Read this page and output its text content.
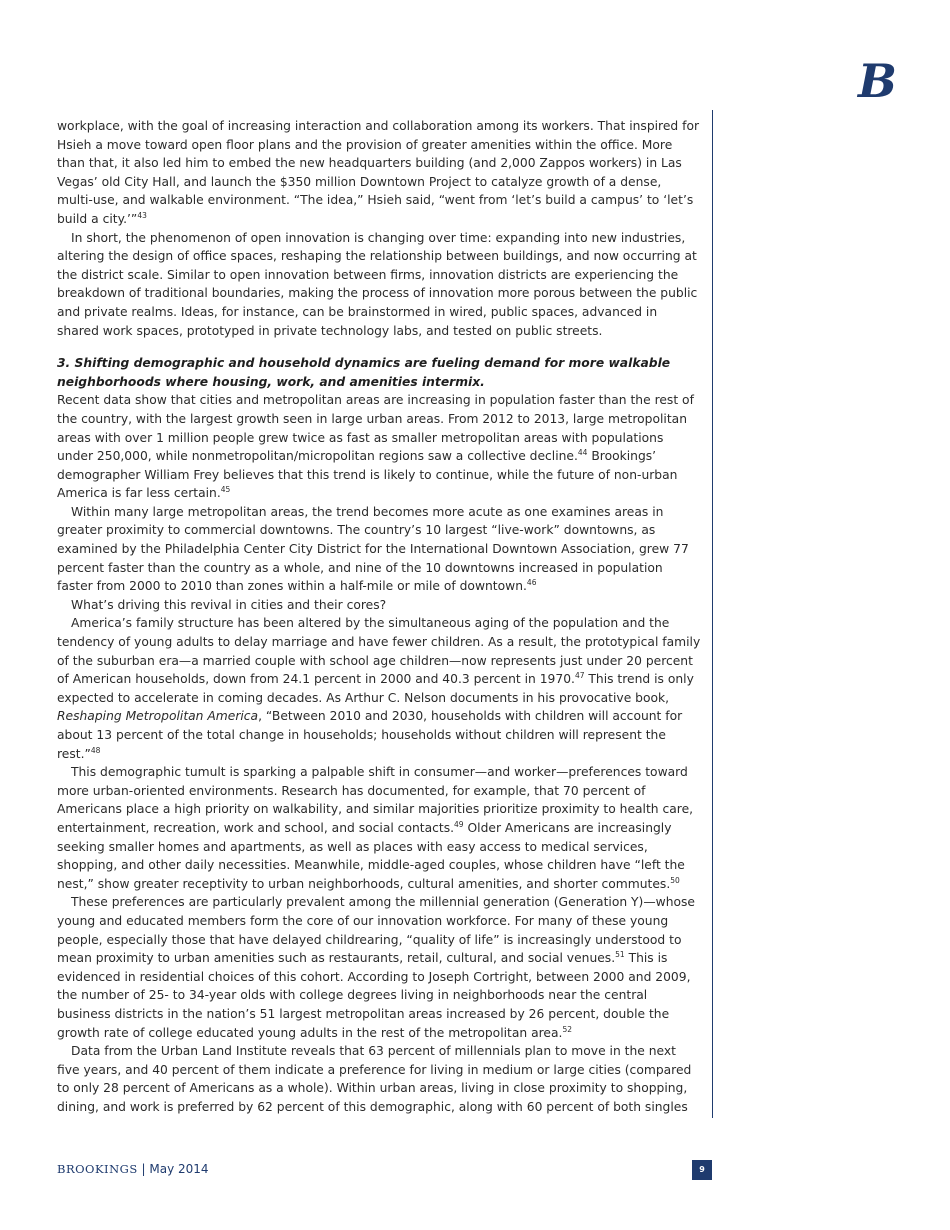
B

workplace, with the goal of increasing interaction and collaboration among its workers. That inspired for Hsieh a move toward open floor plans and the provision of greater amenities within the office. More than that, it also led him to embed the new headquarters building (and 2,000 Zappos workers) in Las Vegas’ old City Hall, and launch the $350 million Downtown Project to catalyze growth of a dense, multi-use, and walkable environment. “The idea,” Hsieh said, “went from ‘let’s build a campus’ to ‘let’s build a city.’”$^{43}$

In short, the phenomenon of open innovation is changing over time: expanding into new industries, altering the design of office spaces, reshaping the relationship between buildings, and now occurring at the district scale. Similar to open innovation between firms, innovation districts are experiencing the breakdown of traditional boundaries, making the process of innovation more porous between the public and private realms. Ideas, for instance, can be brainstormed in wired, public spaces, advanced in shared work spaces, prototyped in private technology labs, and tested on public streets.

3. Shifting demographic and household dynamics are fueling demand for more walkable neighborhoods where housing, work, and amenities intermix.

Recent data show that cities and metropolitan areas are increasing in population faster than the rest of the country, with the largest growth seen in large urban areas. From 2012 to 2013, large metropolitan areas with over 1 million people grew twice as fast as smaller metropolitan areas with populations under 250,000, while nonmetropolitan/micropolitan regions saw a collective decline.$^{44}$ Brookings’ demographer William Frey believes that this trend is likely to continue, while the future of non-urban America is far less certain.$^{45}$

Within many large metropolitan areas, the trend becomes more acute as one examines areas in greater proximity to commercial downtowns. The country’s 10 largest “live-work” downtowns, as examined by the Philadelphia Center City District for the International Downtown Association, grew 77 percent faster than the country as a whole, and nine of the 10 downtowns increased in population faster from 2000 to 2010 than zones within a half-mile or mile of downtown.$^{46}$

What’s driving this revival in cities and their cores?

America’s family structure has been altered by the simultaneous aging of the population and the tendency of young adults to delay marriage and have fewer children. As a result, the prototypical family of the suburban era—a married couple with school age children—now represents just under 20 percent of American households, down from 24.1 percent in 2000 and 40.3 percent in 1970.47 This trend is only expected to accelerate in coming decades. As Arthur C. Nelson documents in his provocative book, Reshaping Metropolitan America, “Between 2010 and 2030, households with children will account for about 13 percent of the total change in households; households without children will represent the rest.”$^{48}$

This demographic tumult is sparking a palpable shift in consumer—and worker—preferences toward more urban-oriented environments. Research has documented, for example, that 70 percent of Americans place a high priority on walkability, and similar majorities prioritize proximity to health care, entertainment, recreation, work and school, and social contacts.$^{49}$ Older Americans are increasingly seeking smaller homes and apartments, as well as places with easy access to medical services, shopping, and other daily necessities. Meanwhile, middle-aged couples, whose children have “left the nest,” show greater receptivity to urban neighborhoods, cultural amenities, and shorter commutes.$^{50}$

These preferences are particularly prevalent among the millennial generation (Generation Y)—whose young and educated members form the core of our innovation workforce. For many of these young people, especially those that have delayed childrearing, “quality of life” is increasingly understood to mean proximity to urban amenities such as restaurants, retail, cultural, and social venues.$^{51}$ This is evidenced in residential choices of this cohort. According to Joseph Cortright, between 2000 and 2009, the number of 25- to 34-year olds with college degrees living in neighborhoods near the central business districts in the nation’s 51 largest metropolitan areas increased by 26 percent, double the growth rate of college educated young adults in the rest of the metropolitan area.$^{52}$

Data from the Urban Land Institute reveals that 63 percent of millennials plan to move in the next five years, and 40 percent of them indicate a preference for living in medium or large cities (compared to only 28 percent of Americans as a whole). Within urban areas, living in close proximity to shopping, dining, and work is preferred by 62 percent of this demographic, along with 60 percent of both singles

BROOKINGS | May 2014	9
